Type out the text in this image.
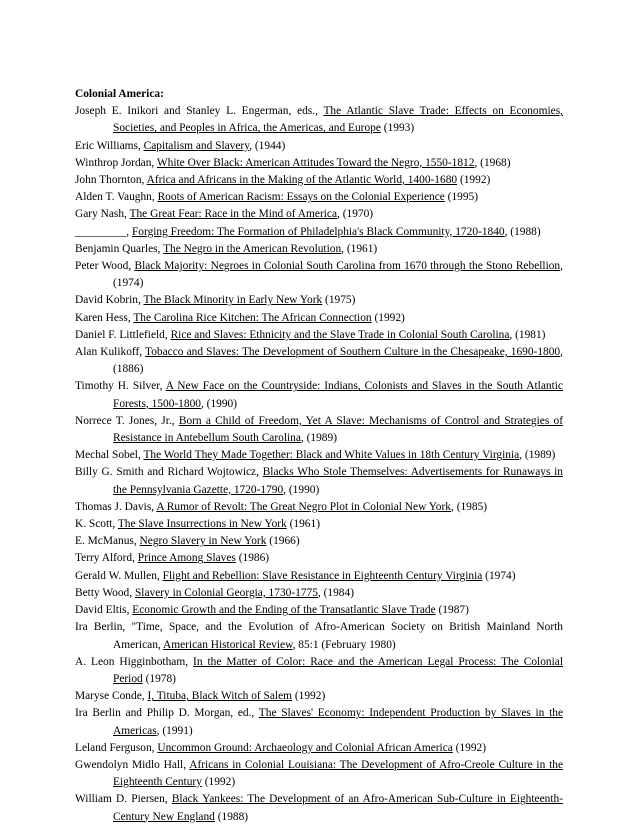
Colonial America:

Joseph E. Inikori and Stanley L. Engerman, eds., The Atlantic Slave Trade: Effects on Economies, Societies, and Peoples in Africa, the Americas, and Europe (1993)
Eric Williams, Capitalism and Slavery, (1944)
Winthrop Jordan, White Over Black: American Attitudes Toward the Negro, 1550-1812, (1968)
John Thornton, Africa and Africans in the Making of the Atlantic World, 1400-1680 (1992)
Alden T. Vaughn, Roots of American Racism: Essays on the Colonial Experience (1995)
Gary Nash, The Great Fear: Race in the Mind of America, (1970)
_________, Forging Freedom: The Formation of Philadelphia's Black Community, 1720-1840, (1988)
Benjamin Quarles, The Negro in the American Revolution, (1961)
Peter Wood, Black Majority: Negroes in Colonial South Carolina from 1670 through the Stono Rebellion, (1974)
David Kobrin, The Black Minority in Early New York (1975)
Karen Hess, The Carolina Rice Kitchen: The African Connection (1992)
Daniel F. Littlefield, Rice and Slaves: Ethnicity and the Slave Trade in Colonial South Carolina, (1981)
Alan Kulikoff, Tobacco and Slaves: The Development of Southern Culture in the Chesapeake, 1690-1800, (1886)
Timothy H. Silver, A New Face on the Countryside: Indians, Colonists and Slaves in the South Atlantic Forests, 1500-1800, (1990)
Norrece T. Jones, Jr., Born a Child of Freedom, Yet A Slave: Mechanisms of Control and Strategies of Resistance in Antebellum South Carolina, (1989)
Mechal Sobel, The World They Made Together: Black and White Values in 18th Century Virginia, (1989)
Billy G. Smith and Richard Wojtowicz, Blacks Who Stole Themselves: Advertisements for Runaways in the Pennsylvania Gazette, 1720-1790, (1990)
Thomas J. Davis, A Rumor of Revolt: The Great Negro Plot in Colonial New York, (1985)
K. Scott, The Slave Insurrections in New York (1961)
E. McManus, Negro Slavery in New York (1966)
Terry Alford, Prince Among Slaves (1986)
Gerald W. Mullen, Flight and Rebellion: Slave Resistance in Eighteenth Century Virginia (1974)
Betty Wood, Slavery in Colonial Georgia, 1730-1775, (1984)
David Eltis, Economic Growth and the Ending of the Transatlantic Slave Trade (1987)
Ira Berlin, "Time, Space, and the Evolution of Afro-American Society on British Mainland North American, American Historical Review, 85:1 (February 1980)
A. Leon Higginbotham, In the Matter of Color: Race and the American Legal Process: The Colonial Period (1978)
Maryse Conde, I, Tituba, Black Witch of Salem (1992)
Ira Berlin and Philip D. Morgan, ed., The Slaves' Economy: Independent Production by Slaves in the Americas, (1991)
Leland Ferguson, Uncommon Ground: Archaeology and Colonial African America (1992)
Gwendolyn Midlo Hall, Africans in Colonial Louisiana: The Development of Afro-Creole Culture in the Eighteenth Century (1992)
William D. Piersen, Black Yankees: The Development of an Afro-American Sub-Culture in Eighteenth-Century New England (1988)
